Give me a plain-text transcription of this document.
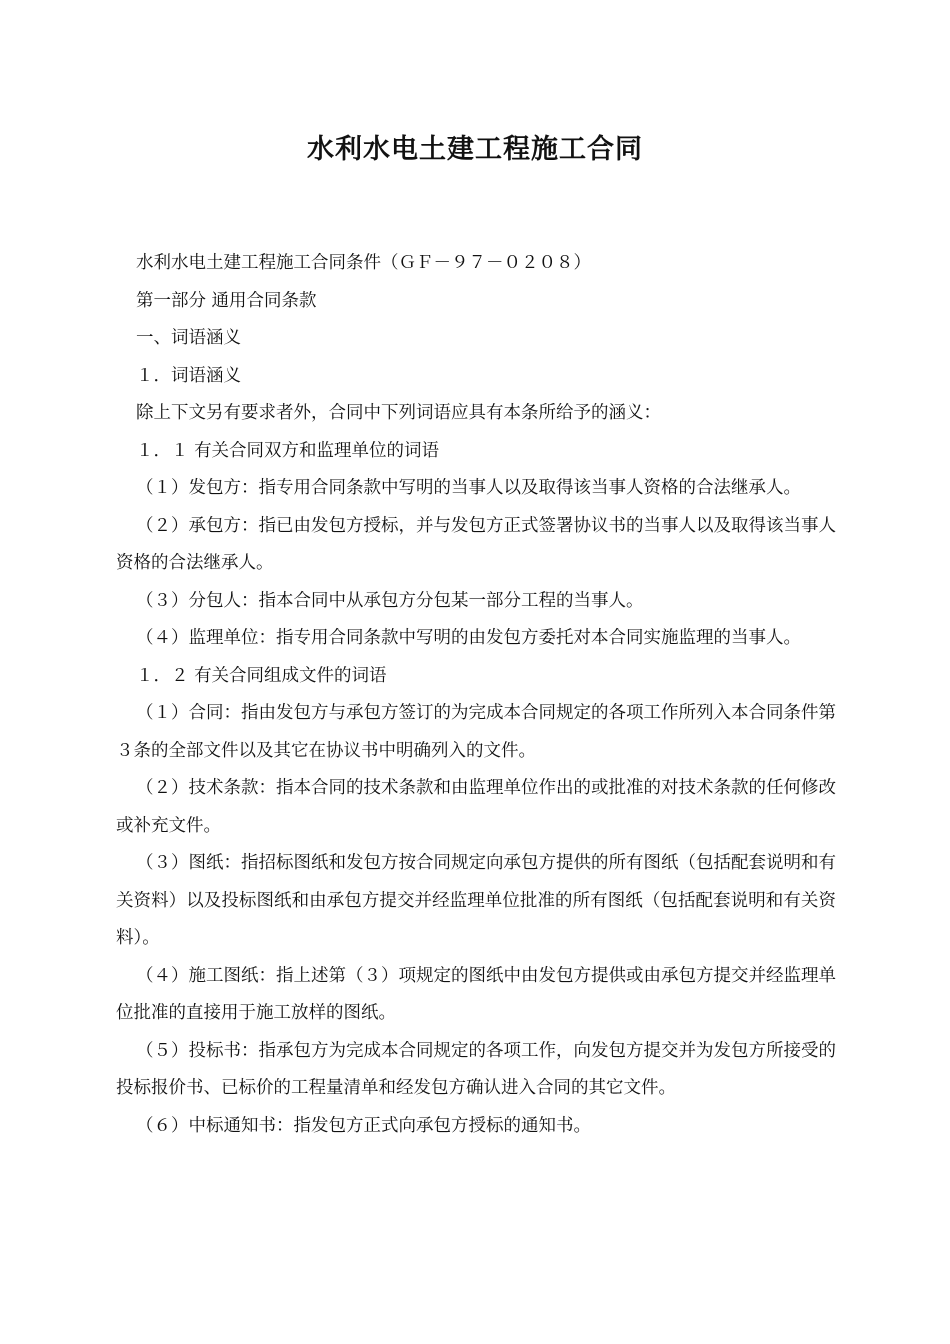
水利水电土建工程施工合同

水利水电土建工程施工合同条件（ＧＦ－９７－０２０８）

第一部分 通用合同条款

一、词语涵义

１．词语涵义

除上下文另有要求者外，合同中下列词语应具有本条所给予的涵义：

１．１ 有关合同双方和监理单位的词语

（１）发包方：指专用合同条款中写明的当事人以及取得该当事人资格的合法继承人。

（２）承包方：指已由发包方授标，并与发包方正式签署协议书的当事人以及取得该当事人资格的合法继承人。

（３）分包人：指本合同中从承包方分包某一部分工程的当事人。

（４）监理单位：指专用合同条款中写明的由发包方委托对本合同实施监理的当事人。

１．２ 有关合同组成文件的词语

（１）合同：指由发包方与承包方签订的为完成本合同规定的各项工作所列入本合同条件第３条的全部文件以及其它在协议书中明确列入的文件。

（２）技术条款：指本合同的技术条款和由监理单位作出的或批准的对技术条款的任何修改或补充文件。

（３）图纸：指招标图纸和发包方按合同规定向承包方提供的所有图纸（包括配套说明和有关资料）以及投标图纸和由承包方提交并经监理单位批准的所有图纸（包括配套说明和有关资料）。

（４）施工图纸：指上述第（３）项规定的图纸中由发包方提供或由承包方提交并经监理单位批准的直接用于施工放样的图纸。

（５）投标书：指承包方为完成本合同规定的各项工作，向发包方提交并为发包方所接受的投标报价书、已标价的工程量清单和经发包方确认进入合同的其它文件。

（６）中标通知书：指发包方正式向承包方授标的通知书。
